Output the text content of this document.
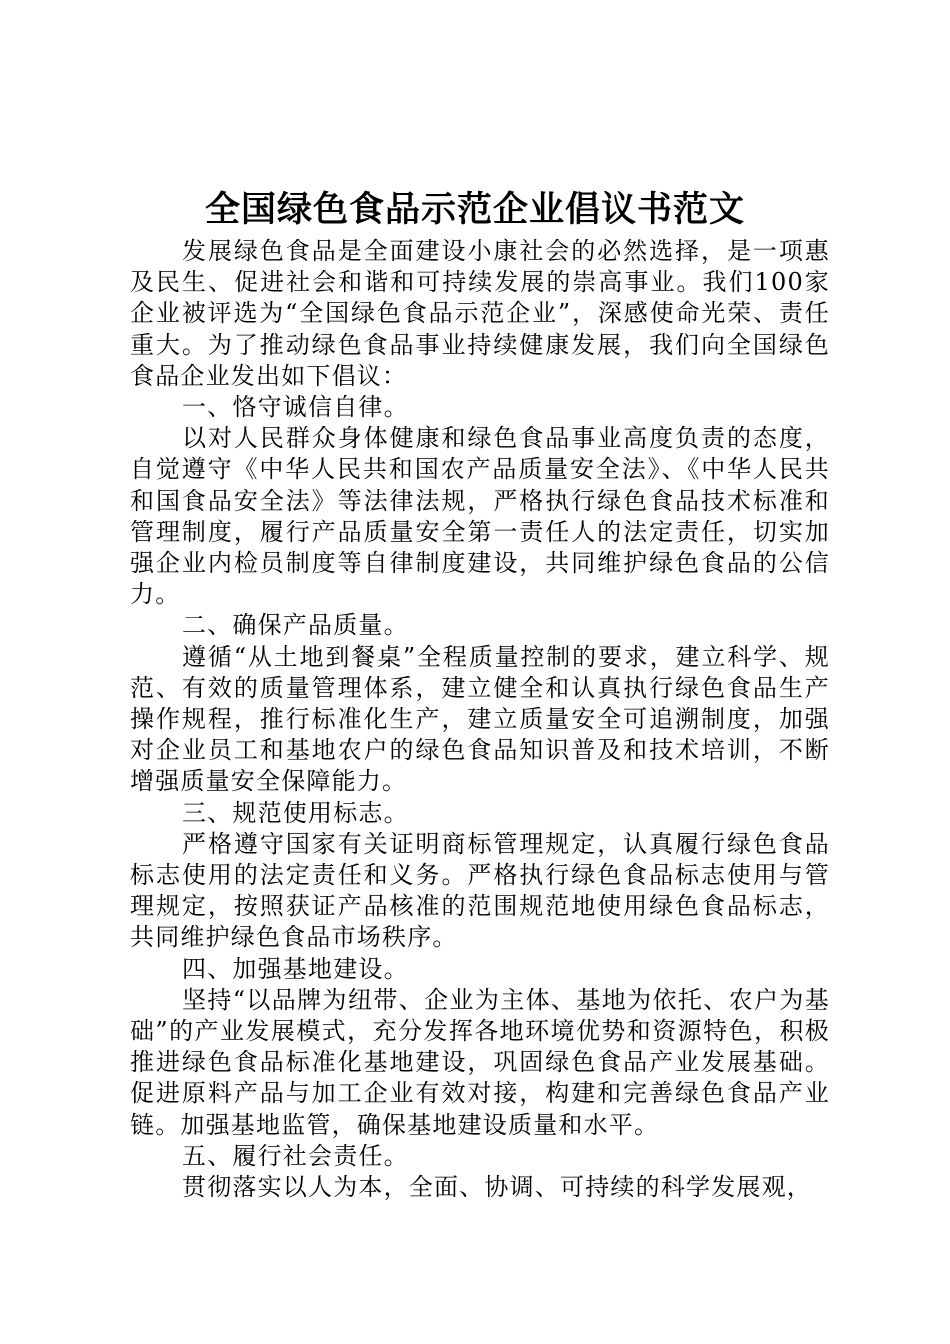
全国绿色食品示范企业倡议书范文

发展绿色食品是全面建设小康社会的必然选择，是一项惠及民生、促进社会和谐和可持续发展的崇高事业。我们100家企业被评选为“全国绿色食品示范企业”，深感使命光荣、责任重大。为了推动绿色食品事业持续健康发展，我们向全国绿色食品企业发出如下倡议：

一、恪守诚信自律。

以对人民群众身体健康和绿色食品事业高度负责的态度，自觉遵守《中华人民共和国农产品质量安全法》、《中华人民共和国食品安全法》等法律法规，严格执行绿色食品技术标准和管理制度，履行产品质量安全第一责任人的法定责任，切实加强企业内检员制度等自律制度建设，共同维护绿色食品的公信力。

二、确保产品质量。

遵循“从土地到餐桌”全程质量控制的要求，建立科学、规范、有效的质量管理体系，建立健全和认真执行绿色食品生产操作规程，推行标准化生产，建立质量安全可追溯制度，加强对企业员工和基地农户的绿色食品知识普及和技术培训，不断增强质量安全保障能力。

三、规范使用标志。

严格遵守国家有关证明商标管理规定，认真履行绿色食品标志使用的法定责任和义务。严格执行绿色食品标志使用与管理规定，按照获证产品核准的范围规范地使用绿色食品标志，共同维护绿色食品市场秩序。

四、加强基地建设。

坚持“以品牌为纽带、企业为主体、基地为依托、农户为基础”的产业发展模式，充分发挥各地环境优势和资源特色，积极推进绿色食品标准化基地建设，巩固绿色食品产业发展基础。促进原料产品与加工企业有效对接，构建和完善绿色食品产业链。加强基地监管，确保基地建设质量和水平。

五、履行社会责任。

贯彻落实以人为本，全面、协调、可持续的科学发展观，
